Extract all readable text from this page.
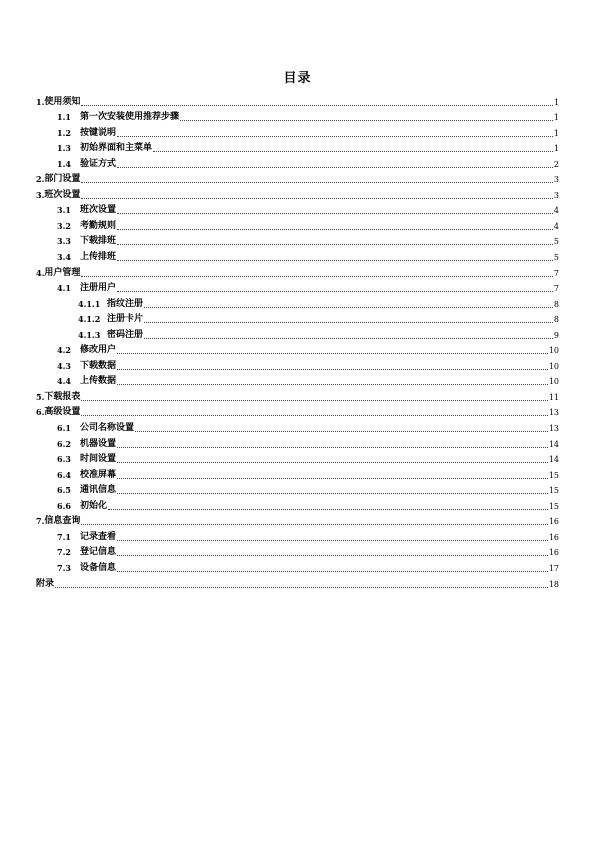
目录
1. 使用须知	1
1.1	第一次安装使用推荐步骤	1
1.2	按键说明	1
1.3	初始界面和主菜单	1
1.4	验证方式	2
2. 部门设置	3
3. 班次设置	3
3.1	班次设置	4
3.2	考勤规则	4
3.3	下载排班	5
3.4	上传排班	5
4. 用户管理	7
4.1	注册用户	7
4.1.1 指纹注册	8
4.1.2 注册卡片	8
4.1.3 密码注册	9
4.2	修改用户	10
4.3	下载数据	10
4.4	上传数据	10
5. 下载报表	11
6. 高级设置	13
6.1	公司名称设置	13
6.2	机器设置	14
6.3	时间设置	14
6.4	校准屏幕	15
6.5	通讯信息	15
6.6	初始化	15
7. 信息查询	16
7.1	记录查看	16
7.2	登记信息	16
7.3	设备信息	17
附录	18
